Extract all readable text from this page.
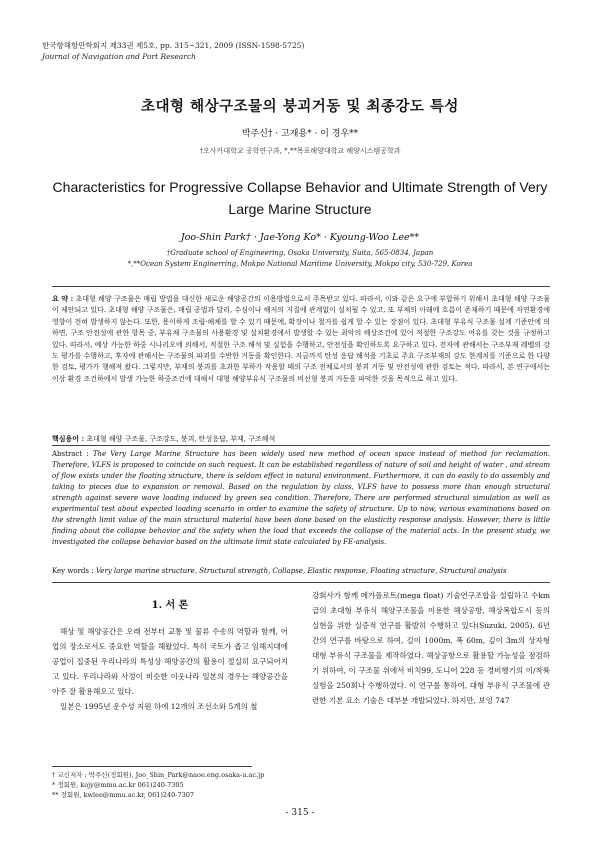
한국항해항만학회지 제33권 제5호, pp. 315~321, 2009 (ISSN-1598-5725)
Journal of Navigation and Port Research
초대형 해상구조물의 붕괴거동 및 최종강도 특성
박주신† · 고재용* · 이 경우**
†오사카대학교 공학연구과, *,**목포해양대학교 해양시스템공학과
Characteristics for Progressive Collapse Behavior and Ultimate Strength of Very Large Marine Structure
Joo-Shin Park† · Jae-Yong Ko* · Kyoung-Woo Lee**
†Graduate school of Engineering, Osaka University, Suita, 565-0834, Japan
*,**Ocean System Enginerring, Mokpo National Maritime University, Mokpo city, 530-729, Korea
요 약 : 초대형 해양 구조물은 매립 방법을 대신한 새로운 해양공간의 이용방법으로서 주목받고 있다. 따라서, 이와 같은 요구에 부합하기 위해서 초대형 해양 구조물이 제안되고 있다. 초대형 해양 구조물은, 매립 공법과 달리, 수심이나 해저의 지질에 관계없이 설치될 수 있고, 또 부체의 아래에 흐름이 존재하기 때문에 자연환경에 영향이 전혀 발생하지 않는다. 또한, 용이하게 조립·해체를 할 수 있기 때문에, 확장이나 철거를 쉽게 할 수 있는 장점이 있다. 초대형 부유식 구조물 설계 기준안에 의하면, 구조 안전성에 관한 항목 중, 부유체 구조물의 사용환경 및 설치환경에서 발생할 수 있는 최악의 해상조건에 있어 적절한 구조강도 여유를 갖는 것을 규정하고 있다. 따라서, 예상 가능한 하중 시나리오에 의해서, 적절한 구조 해석 및 실험을 수행하고, 안전성을 확인하도록 요구하고 있다. 전자에 관해서는 구조부재 레벨의 강도 평가를 수행하고, 후자에 관해서는 구조물의 파괴를 수반한 거동을 확인한다. 지금까지 탄성 응답 해석을 기초로 주요 구조부재의 강도 한계치를 기준으로 한 다양한 검토, 평가가 행해져 왔다. 그렇지만, 부재의 붕괴를 초과한 부하가 작용할 때의 구조 전체로서의 붕괴 거동 및 안전성에 관한 검토는 적다. 따라서, 본 연구에서는 이상 환경 조건하에서 발생 가능한 하중조건에 대해서 대형 해양부유식 구조물의 비선형 붕괴 거동을 파악한 것을 목적으로 하고 있다.
핵심용어 : 초대형 해양 구조물, 구조강도, 붕괴, 탄성응답, 부재, 구조해석
Abstract : The Very Large Marine Structure has been widely used new method of ocean space instead of method for reclamation. Therefore, VLFS is proposed to coincide on such request. It can be established regardless of nature of soil and height of water , and stream of flow exists under the floating structure, there is seldom effect in natural environment. Furthermore, it can do easily to do assembly and taking to pieces due to expansion or removal. Based on the regulation by class, VLFS have to possess more than enough structural strength against severe wave loading induced by green sea condition. Therefore, There are performed structural simulation as well as experimental test about expected loading scenario in order to examine the safety of structure. Up to now, various examinations based on the strength limit value of the main structural material have been done based on the elasticity response analysis. However, there is little finding about the collapse behavior and the safety when the load that exceeds the collapse of the material acts. In the present study, we investigated the collapse behavior based on the ultimate limit state calculated by FE-analysis.
Key words : Very large marine structure, Structural strength, Collapse, Elastic response, Floating structure, Structural analysis
1. 서 론

해상 및 해양공간은 오래 전부터 교통 및 물류 수송의 역할과 함께, 어업의 장소로서도 중요한 역할을 해왔었다. 특히 국토가 좁고 임해지대에 공업이 집중된 우리나라의 특성상 해양공간의 활용이 절실히 요구되어지고 있다. 우리나라와 사정이 비슷한 이웃나라 일본의 경우는 해양공간을 아주 잘 활용해오고 있다.

일본은 1995년 운수성 지원 하에 12개의 조선소와 5개의 철

강회사가 함께 메가플로트(mega float) 기술연구조합을 설립하고 수km급의 초대형 부유식 해양구조물을 이용한 해상공항, 해상복합도시 등의 실현을 위한 실증적 연구를 활발히 수행하고 있다(Suzuki, 2005). 6년간의 연구를 바탕으로 하여, 길이 1000m, 폭 60m, 깊이 3m의 상자형 대형 부유식 구조물을 제작하였다. 해상공항으로 활용할 가능성을 점검하기 위하여, 이 구조물 위에서 비치99, 도니어 228 등 경비행기의 이/착륙 실험을 250회나 수행하였다. 이 연구를 통하여, 대형 부유식 구조물에 관련한 기본 요소 기술은 대부분 개발되었다. 하지만, 보잉 747

† 교신저자 : 박주신(정회원), Joo_Shin_Park@naoe.eng.osaka-u.ac.jp
* 정회원, kojy@mmu.ac.kr 061)240-7305
** 정회원, kwlee@mmu.ac.kr, 061)240-7307
- 315 -
